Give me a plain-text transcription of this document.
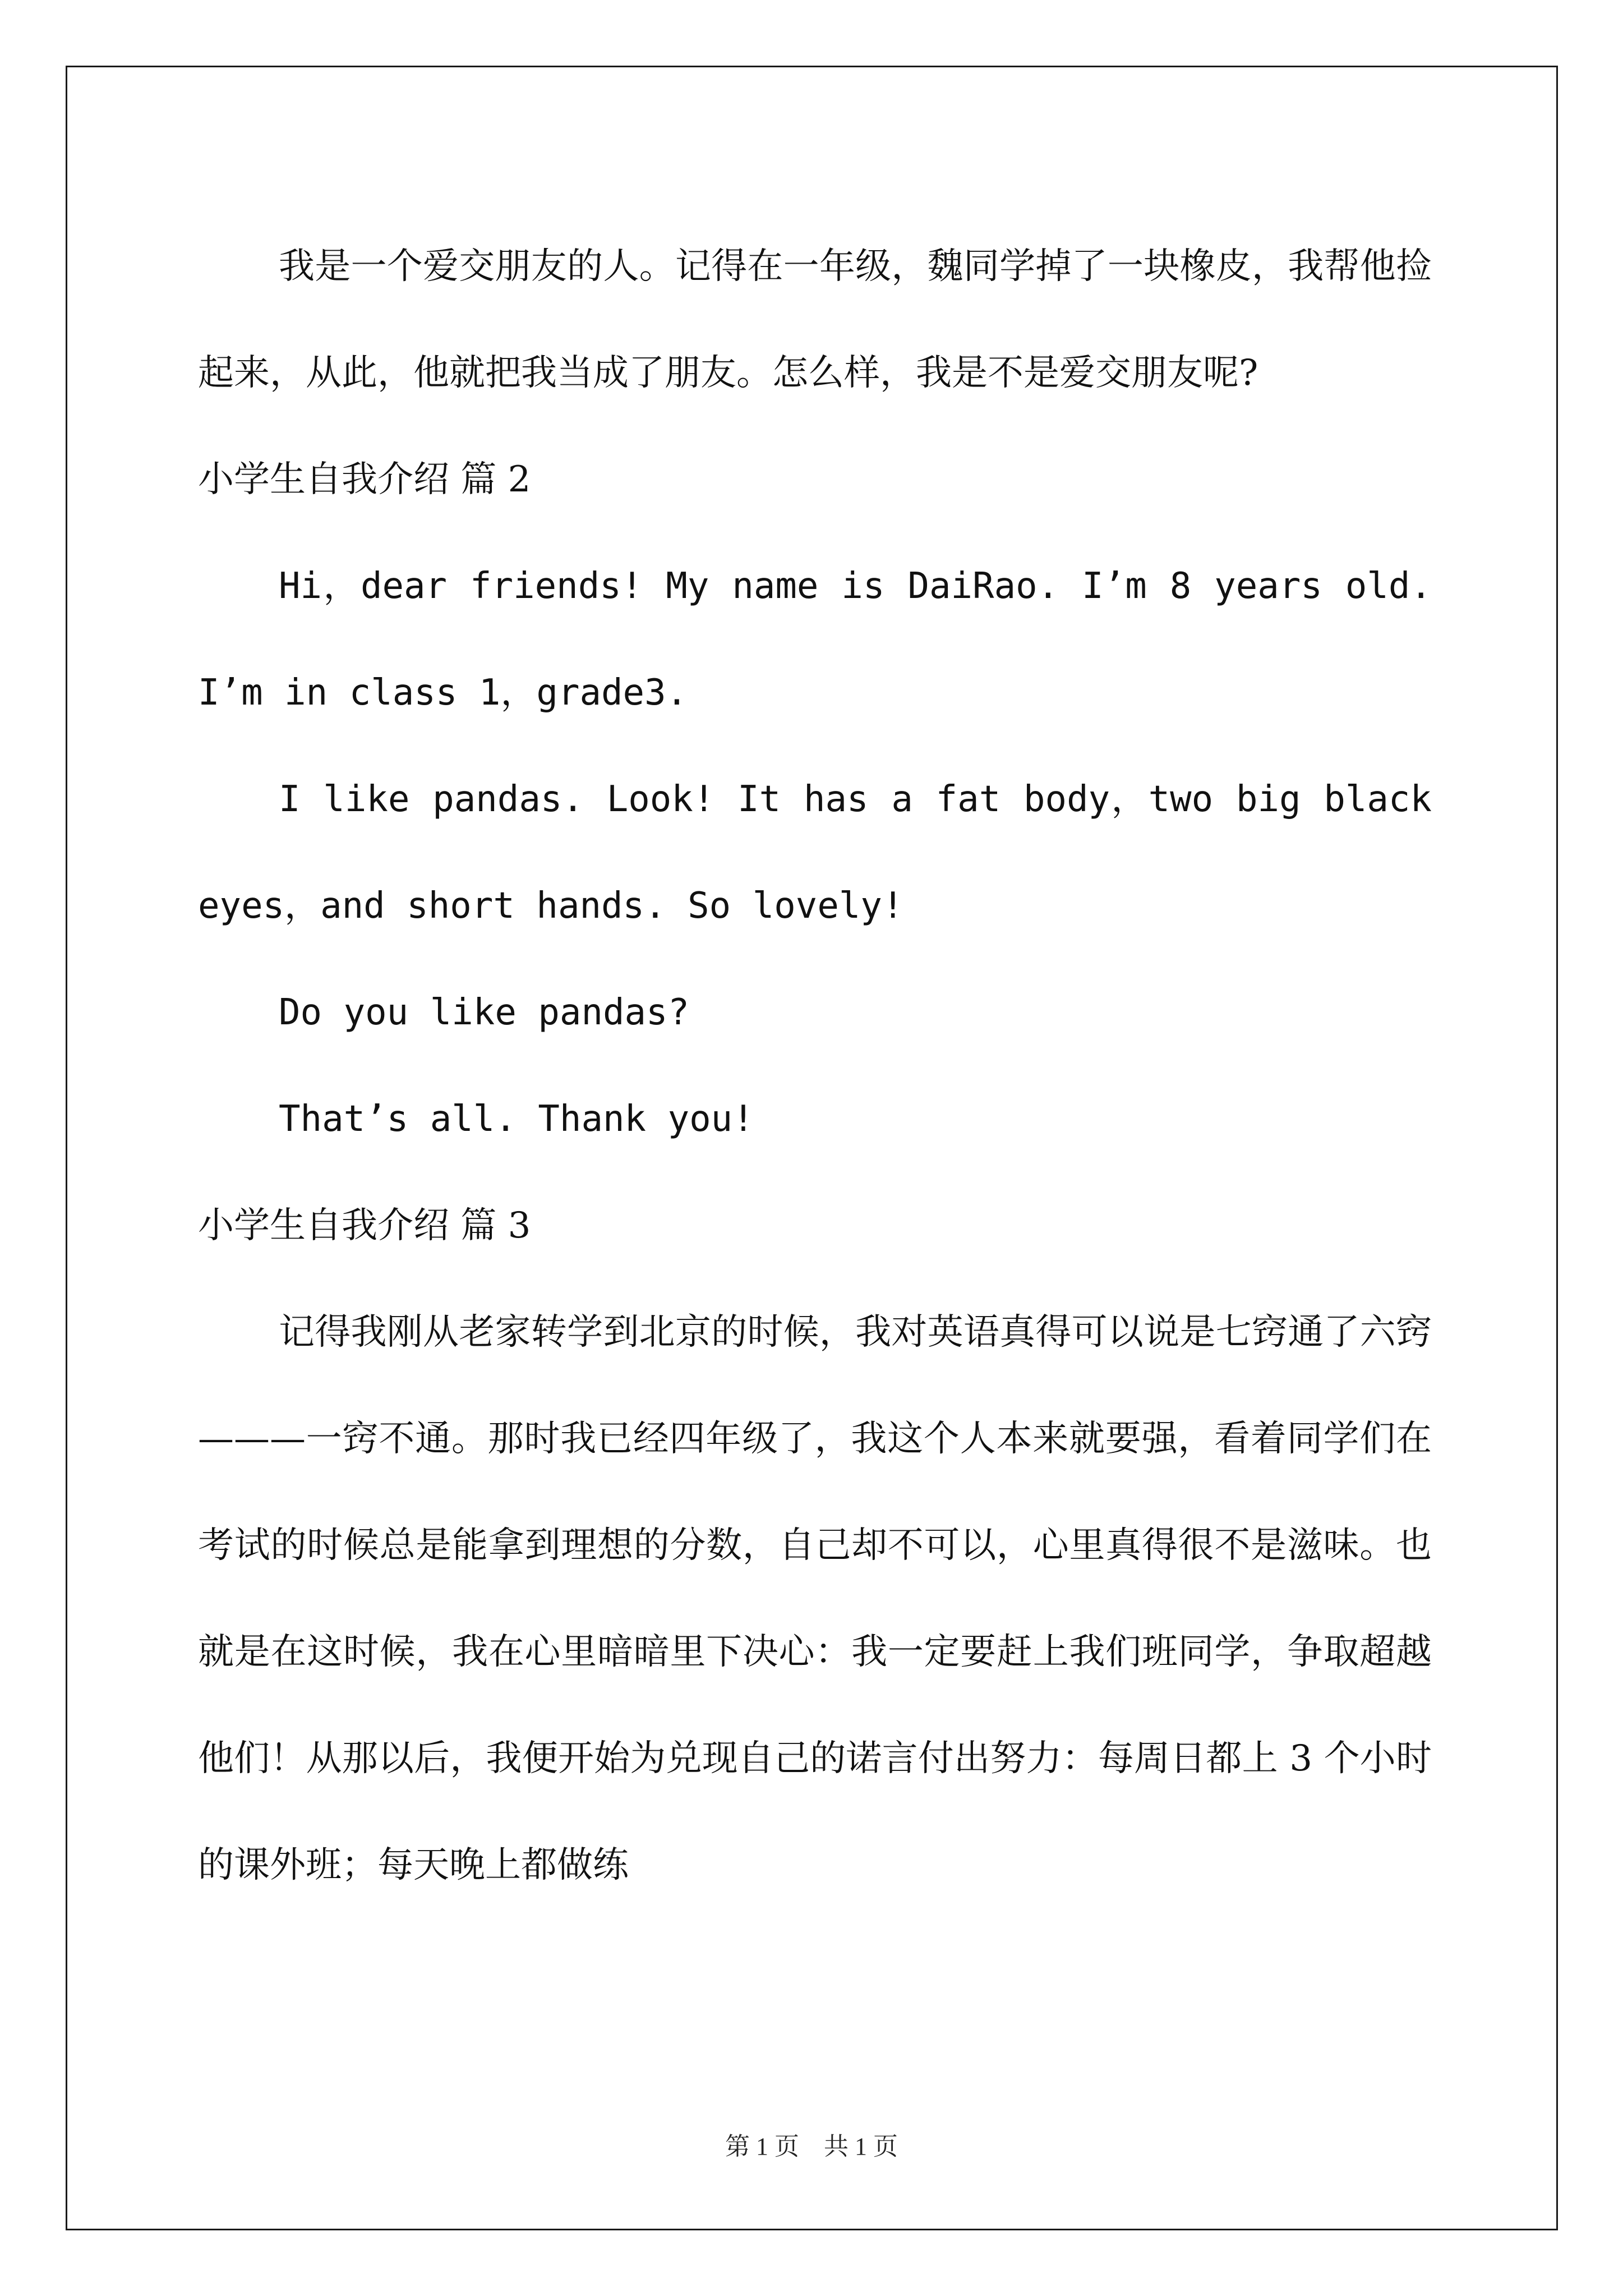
我是一个爱交朋友的人。记得在一年级，魏同学掉了一块橡皮，我帮他捡起来，从此，他就把我当成了朋友。怎么样，我是不是爱交朋友呢?

小学生自我介绍 篇 2

Hi，dear friends! My name is DaiRao. I’m 8 years old. I’m in class 1，grade3.

I like pandas. Look! It has a fat body，two big black eyes，and short hands. So lovely!

Do you like pandas?

That’s all. Thank you!

小学生自我介绍 篇 3

记得我刚从老家转学到北京的时候，我对英语真得可以说是七窍通了六窍———一窍不通。那时我已经四年级了，我这个人本来就要强，看着同学们在考试的时候总是能拿到理想的分数，自己却不可以，心里真得很不是滋味。也就是在这时候，我在心里暗暗里下决心：我一定要赶上我们班同学，争取超越他们！从那以后，我便开始为兑现自己的诺言付出努力：每周日都上 3 个小时的课外班；每天晚上都做练

第 1 页　共 1 页
